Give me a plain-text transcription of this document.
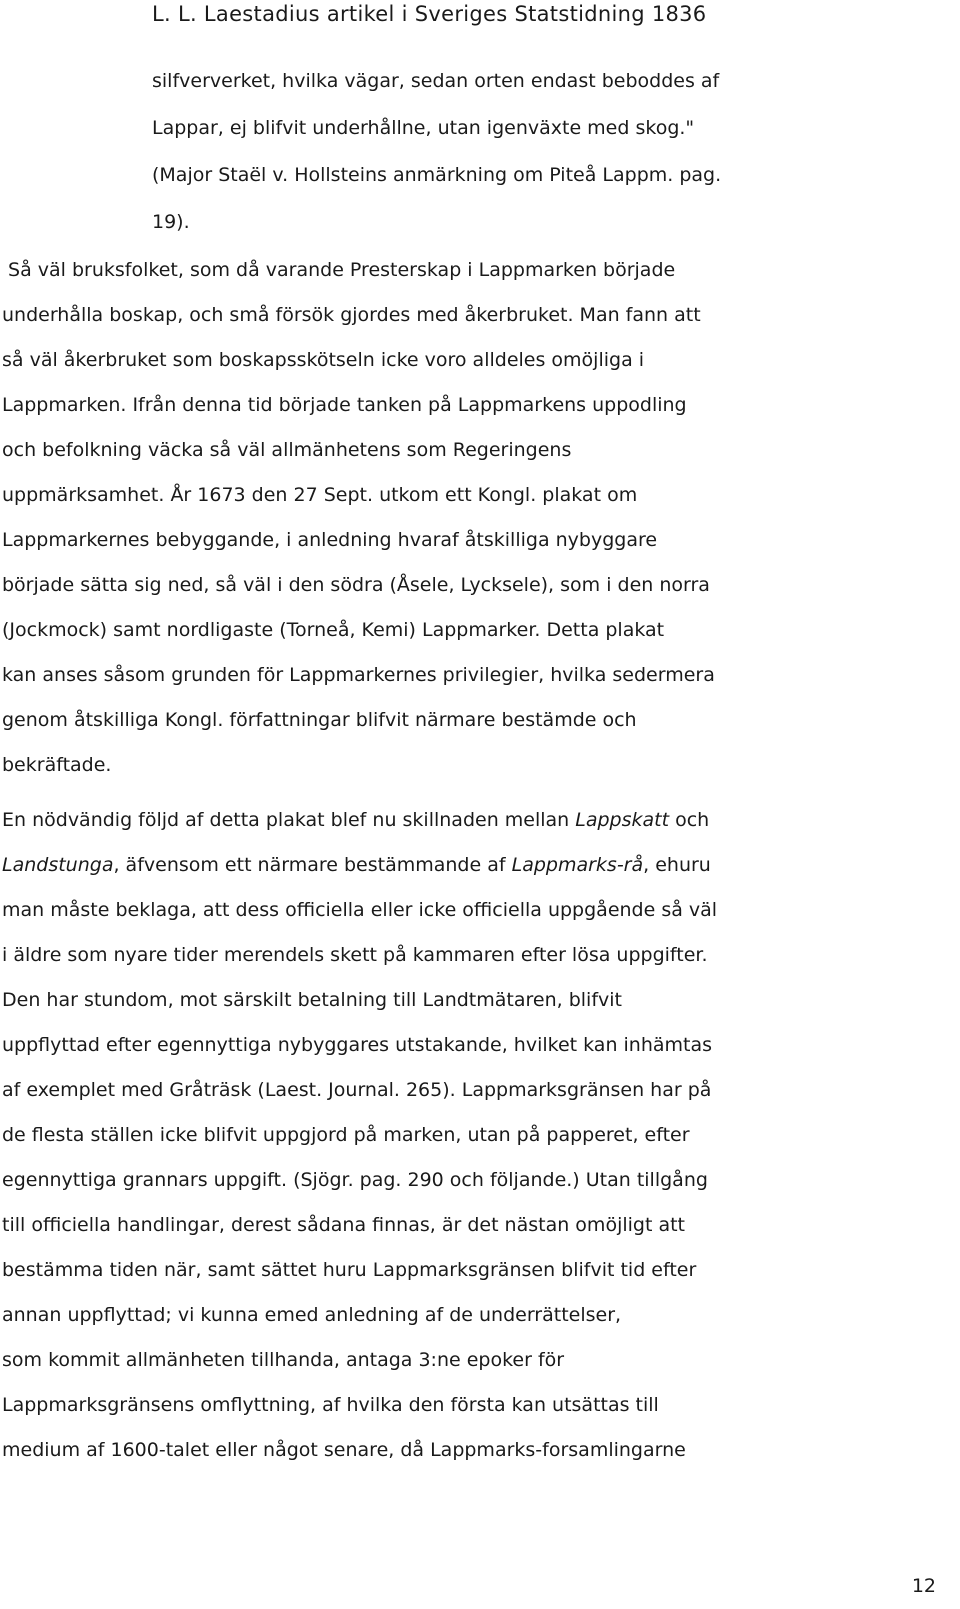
L. L. Laestadius artikel i Sveriges Statstidning 1836
silfververket, hvilka vägar, sedan orten endast beboddes af
Lappar, ej blifvit underhållne, utan igenväxte med skog."
(Major Staël v. Hollsteins anmärkning om Piteå Lappm. pag.
19).
Så väl bruksfolket, som då varande Presterskap i Lappmarken började
underhålla boskap, och små försök gjordes med åkerbruket. Man fann att
så väl åkerbruket som boskapsskötseln icke voro alldeles omöjliga i
Lappmarken. Ifrån denna tid började tanken på Lappmarkens uppodling
och befolkning väcka så väl allmänhetens som Regeringens
uppmärksamhet. År 1673 den 27 Sept. utkom ett Kongl. plakat om
Lappmarkernes bebyggande, i anledning hvaraf åtskilliga nybyggare
började sätta sig ned, så väl i den södra (Åsele, Lycksele), som i den norra
(Jockmock) samt nordligaste (Torneå, Kemi) Lappmarker. Detta plakat
kan anses såsom grunden för Lappmarkernes privilegier, hvilka sedermera
genom åtskilliga Kongl. författningar blifvit närmare bestämde och
bekräftade.
En nödvändig följd af detta plakat blef nu skillnaden mellan Lappskatt och
Landstunga, äfvensom ett närmare bestämmande af Lappmarks-rå, ehuru
man måste beklaga, att dess officiella eller icke officiella uppgående så väl
i äldre som nyare tider merendels skett på kammaren efter lösa uppgifter.
Den har stundom, mot särskilt betalning till Landtmätaren, blifvit
uppflyttad efter egennyttiga nybyggares utstakande, hvilket kan inhämtas
af exemplet med Gråträsk (Laest. Journal. 265). Lappmarksgränsen har på
de flesta ställen icke blifvit uppgjord på marken, utan på papperet, efter
egennyttiga grannars uppgift. (Sjögr. pag. 290 och följande.) Utan tillgång
till officiella handlingar, derest sådana finnas, är det nästan omöjligt att
bestämma tiden när, samt sättet huru Lappmarksgränsen blifvit tid efter
annan uppflyttad; vi kunna emed anledning af de underrättelser,
som kommit allmänheten tillhanda, antaga 3:ne epoker för
Lappmarksgränsens omflyttning, af hvilka den första kan utsättas till
medium af 1600-talet eller något senare, då Lappmarks-forsamlingarne
12
